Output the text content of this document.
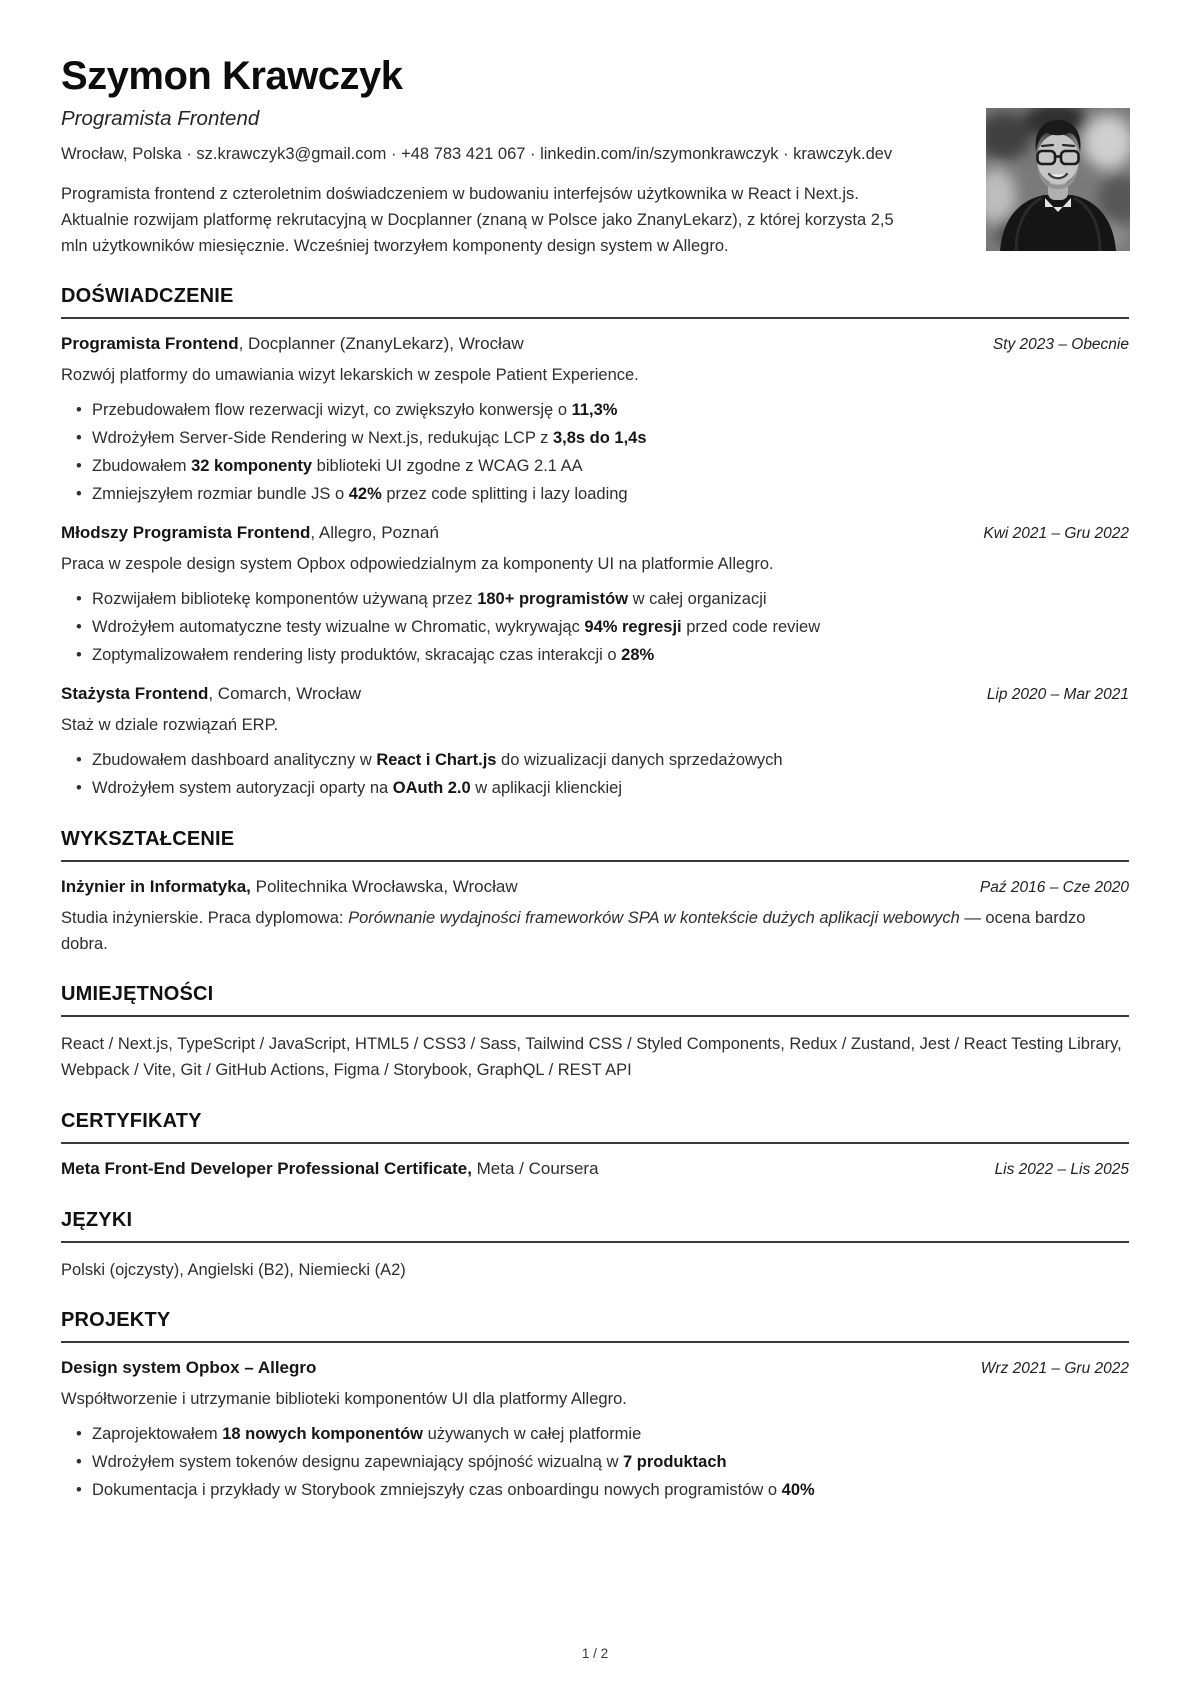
Szymon Krawczyk
Programista Frontend
Wrocław, Polska · sz.krawczyk3@gmail.com · +48 783 421 067 · linkedin.com/in/szymonkrawczyk · krawczyk.dev

Programista frontend z czteroletnim doświadczeniem w budowaniu interfejsów użytkownika w React i Next.js. Aktualnie rozwijam platformę rekrutacyjną w Docplanner (znaną w Polsce jako ZnanyLekarz), z której korzysta 2,5 mln użytkowników miesięcznie. Wcześniej tworzyłem komponenty design system w Allegro.

DOŚWIADCZENIE
Programista Frontend, Docplanner (ZnanyLekarz), Wrocław	Sty 2023 – Obecnie

Rozwój platformy do umawiania wizyt lekarskich w zespole Patient Experience.

• Przebudowałem flow rezerwacji wizyt, co zwiększyło konwersję o 11,3%
• Wdrożyłem Server-Side Rendering w Next.js, redukując LCP z 3,8s do 1,4s
• Zbudowałem 32 komponenty biblioteki UI zgodne z WCAG 2.1 AA
• Zmniejszyłem rozmiar bundle JS o 42% przez code splitting i lazy loading
Młodszy Programista Frontend, Allegro, Poznań	Kwi 2021 – Gru 2022

Praca w zespole design system Opbox odpowiedzialnym za komponenty UI na platformie Allegro.

• Rozwijałem bibliotekę komponentów używaną przez 180+ programistów w całej organizacji
• Wdrożyłem automatyczne testy wizualne w Chromatic, wykrywając 94% regresji przed code review
• Zoptymalizowałem rendering listy produktów, skracając czas interakcji o 28%
Stażysta Frontend, Comarch, Wrocław	Lip 2020 – Mar 2021

Staż w dziale rozwiązań ERP.

• Zbudowałem dashboard analityczny w React i Chart.js do wizualizacji danych sprzedażowych
• Wdrożyłem system autoryzacji oparty na OAuth 2.0 w aplikacji klienckiej
WYKSZTAŁCENIE
Inżynier in Informatyka, Politechnika Wrocławska, Wrocław	Paź 2016 – Cze 2020

Studia inżynierskie. Praca dyplomowa: Porównanie wydajności frameworków SPA w kontekście dużych aplikacji webowych — ocena bardzo dobra.

UMIEJĘTNOŚCI

React / Next.js, TypeScript / JavaScript, HTML5 / CSS3 / Sass, Tailwind CSS / Styled Components, Redux / Zustand, Jest / React Testing Library, Webpack / Vite, Git / GitHub Actions, Figma / Storybook, GraphQL / REST API

CERTYFIKATY
Meta Front-End Developer Professional Certificate, Meta / Coursera	Lis 2022 – Lis 2025
JĘZYKI

Polski (ojczysty), Angielski (B2), Niemiecki (A2)

PROJEKTY
Design system Opbox – Allegro	Wrz 2021 – Gru 2022

Współtworzenie i utrzymanie biblioteki komponentów UI dla platformy Allegro.

• Zaprojektowałem 18 nowych komponentów używanych w całej platformie
• Wdrożyłem system tokenów designu zapewniający spójność wizualną w 7 produktach
• Dokumentacja i przykłady w Storybook zmniejszyły czas onboardingu nowych programistów o 40%
1 / 2
